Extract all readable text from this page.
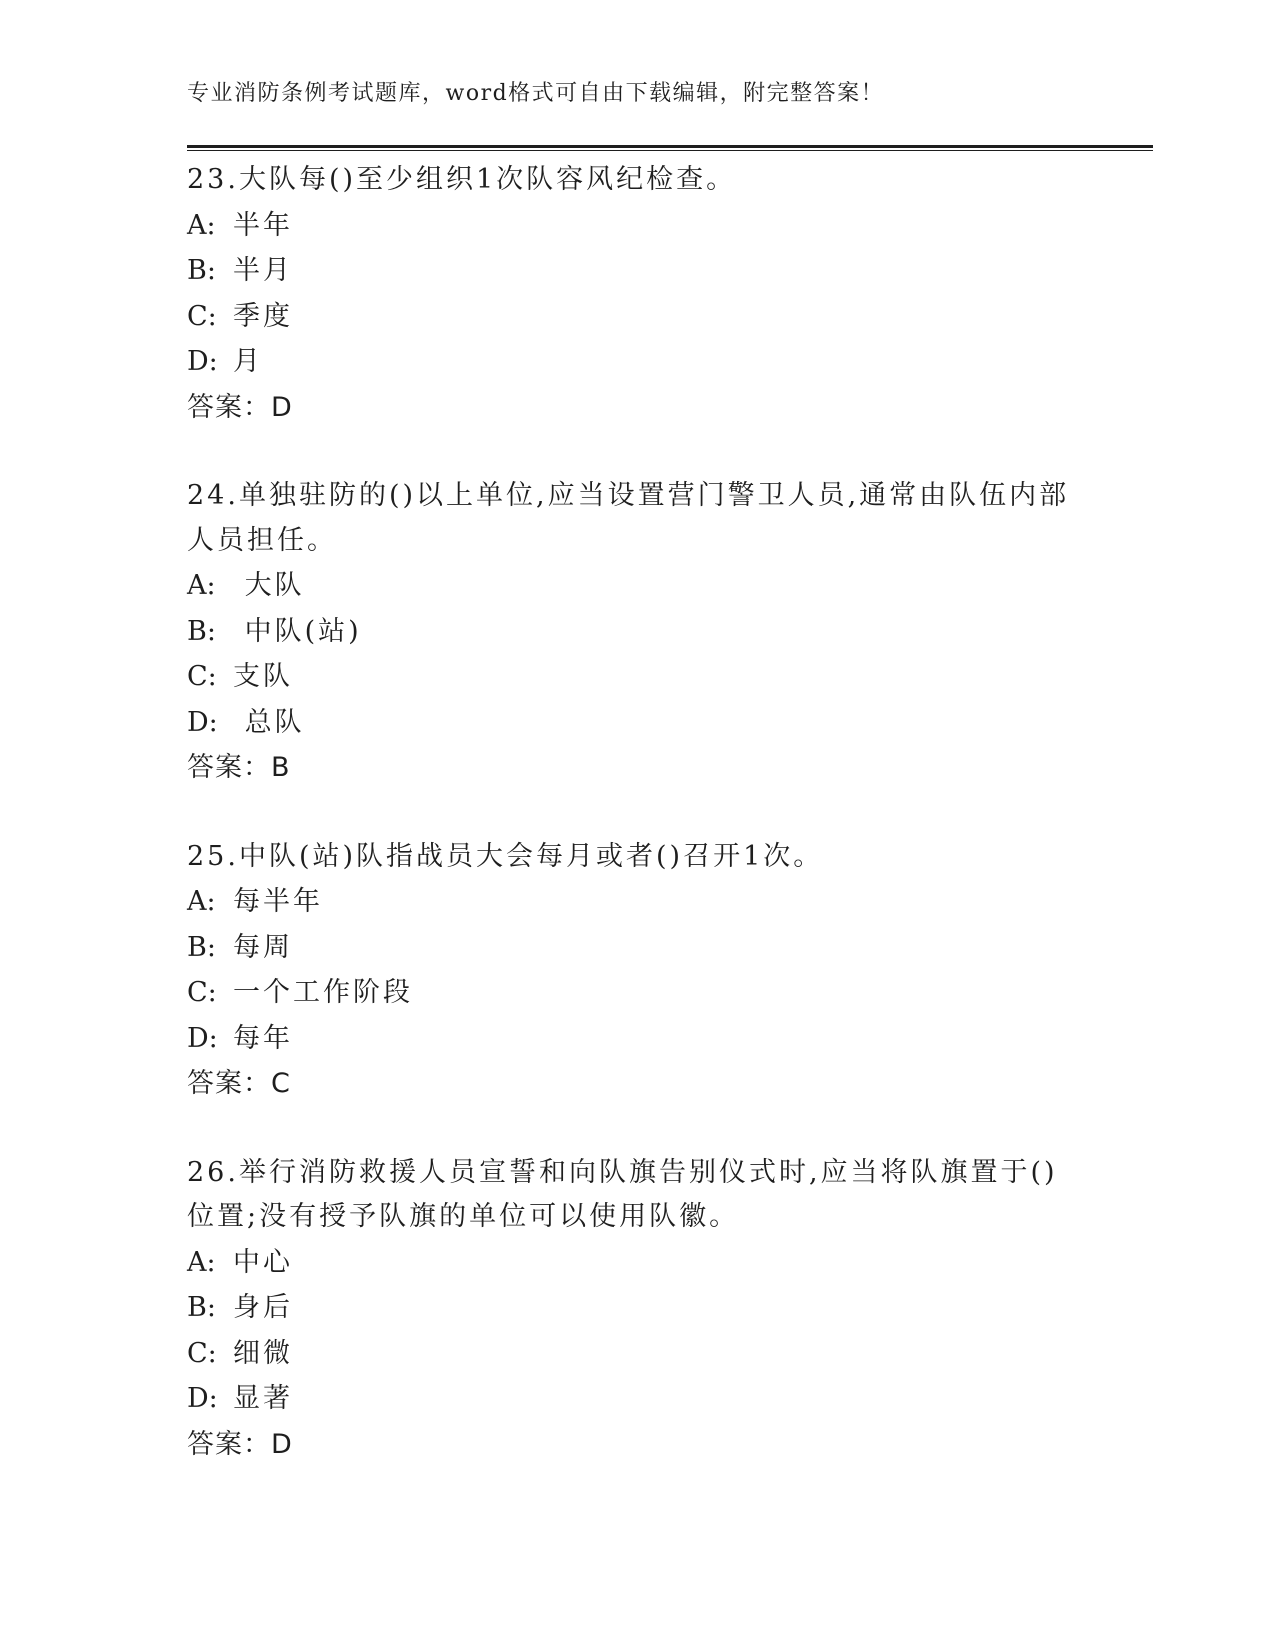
专业消防条例考试题库，word格式可自由下载编辑，附完整答案！

23.大队每()至少组织1次队容风纪检查。

A: 半年
B: 半月
C: 季度
D: 月
答案：D

24.单独驻防的()以上单位,应当设置营门警卫人员,通常由队伍内部人员担任。

A: 大队
B: 中队(站)
C: 支队
D: 总队
答案：B

25.中队(站)队指战员大会每月或者()召开1次。

A: 每半年
B: 每周
C: 一个工作阶段
D: 每年
答案：C

26.举行消防救援人员宣誓和向队旗告别仪式时,应当将队旗置于()位置;没有授予队旗的单位可以使用队徽。

A: 中心
B: 身后
C: 细微
D: 显著
答案：D
